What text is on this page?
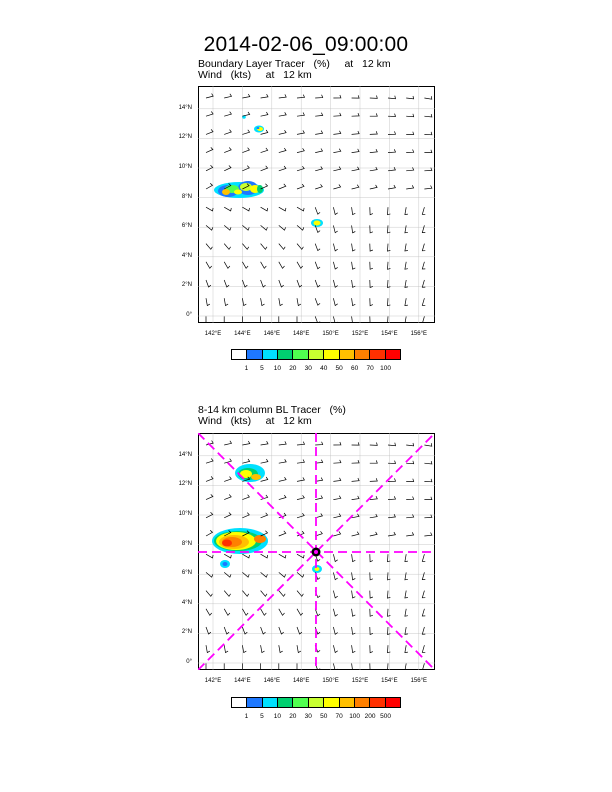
2014-02-06_09:00:00
Boundary Layer Tracer   (%)     at   12 km
Wind   (kts)     at   12 km
14°N
12°N
10°N
8°N
6°N
4°N
2°N
0°
142°E	144°E	146°E	148°E	150°E	152°E	154°E	156°E
1	5	10	20	30	40	50	60	70 100
8-14 km column BL Tracer   (%)
Wind   (kts)     at   12 km
14°N
12°N
10°N
8°N
6°N
4°N
2°N
0°
142°E	144°E	146°E	148°E	150°E	152°E	154°E	156°E
1	5	10	20	30	50	70 100 200 500
